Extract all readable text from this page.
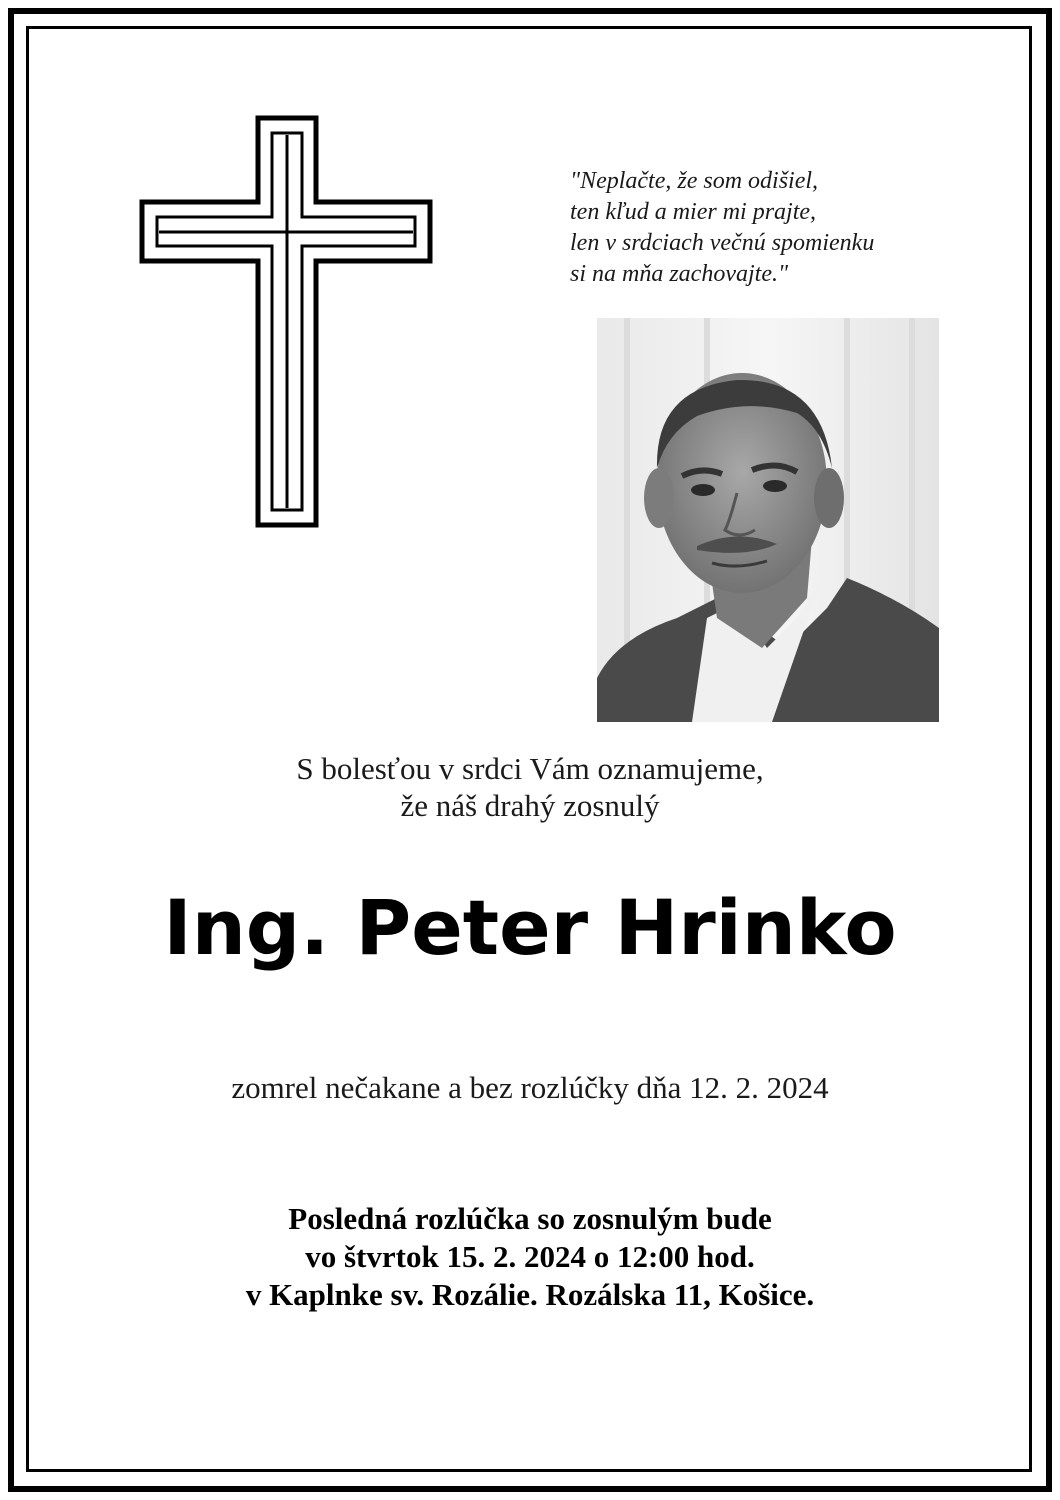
"Neplačte, že som odišiel,
ten kľud a mier mi prajte,
len v srdciach večnú spomienku
si na mňa zachovajte."
S bolesťou v srdci Vám oznamujeme,
že náš drahý zosnulý
Ing. Peter Hrinko
zomrel nečakane a bez rozlúčky dňa 12. 2. 2024
Posledná rozlúčka so zosnulým bude
vo štvrtok 15. 2. 2024 o 12:00 hod.
v Kaplnke sv. Rozálie. Rozálska 11, Košice.
